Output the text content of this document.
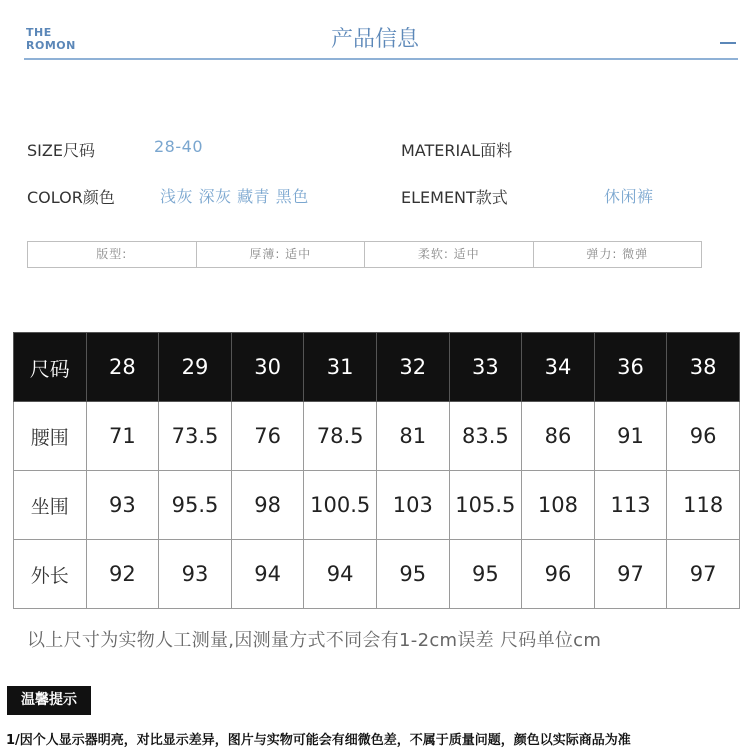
THE
ROMON	产品信息
SIZE尺码	28-40	MATERIAL面料
COLOR颜色	浅灰 深灰 藏青 黑色	ELEMENT款式	休闲裤
版型:	厚薄: 适中	柔软: 适中	弹力: 微弹
尺码	28	29	30	31	32	33	34	36	38
腰围	71	73.5	76	78.5	81	83.5	86	91	96
坐围	93	95.5	98	100.5	103	105.5	108	113	118
外长	92	93	94	94	95	95	96	97	97
以上尺寸为实物人工测量,因测量方式不同会有1-2cm误差 尺码单位cm
温馨提示
1/因个人显示器明亮，对比显示差异，图片与实物可能会有细微色差，不属于质量问题，颜色以实际商品为准
